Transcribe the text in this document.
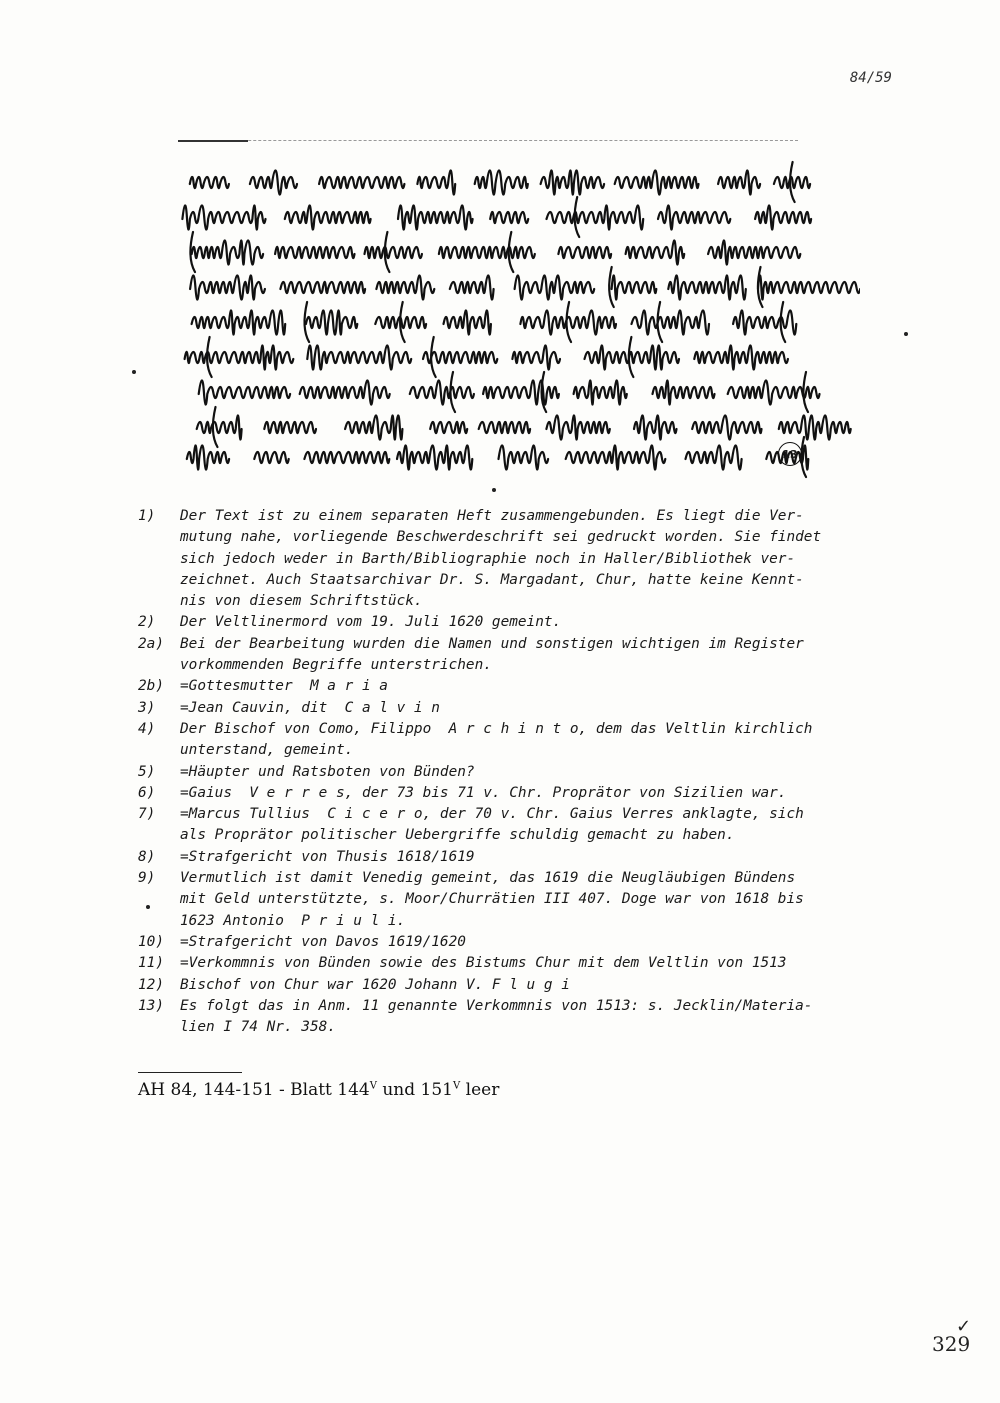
84/59
13
1)	Der Text ist zu einem separaten Heft zusammengebunden. Es liegt die Ver-
mutung nahe, vorliegende Beschwerdeschrift sei gedruckt worden. Sie findet
sich jedoch weder in Barth/Bibliographie noch in Haller/Bibliothek ver-
zeichnet. Auch Staatsarchivar Dr. S. Margadant, Chur, hatte keine Kennt-
nis von diesem Schriftstück.
2)	Der Veltlinermord vom 19. Juli 1620 gemeint.
2a)	Bei der Bearbeitung wurden die Namen und sonstigen wichtigen im Register
vorkommenden Begriffe unterstrichen.
2b)	=Gottesmutter  M a r i a
3)	=Jean Cauvin, dit  C a l v i n
4)	Der Bischof von Como, Filippo  A r c h i n t o, dem das Veltlin kirchlich
unterstand, gemeint.
5)	=Häupter und Ratsboten von Bünden?
6)	=Gaius  V e r r e s, der 73 bis 71 v. Chr. Proprätor von Sizilien war.
7)	=Marcus Tullius  C i c e r o, der 70 v. Chr. Gaius Verres anklagte, sich
als Proprätor politischer Uebergriffe schuldig gemacht zu haben.
8)	=Strafgericht von Thusis 1618/1619
9)	Vermutlich ist damit Venedig gemeint, das 1619 die Neugläubigen Bündens
mit Geld unterstützte, s. Moor/Churrätien III 407. Doge war von 1618 bis
1623 Antonio  P r i u l i.
10)	=Strafgericht von Davos 1619/1620
11)	=Verkommnis von Bünden sowie des Bistums Chur mit dem Veltlin von 1513
12)	Bischof von Chur war 1620 Johann V. F l u g i
13)	Es folgt das in Anm. 11 genannte Verkommnis von 1513: s. Jecklin/Materia-
lien I 74 Nr. 358.
AH 84, 144-151 - Blatt $144^V$ und $151^V$ leer
✓
329
